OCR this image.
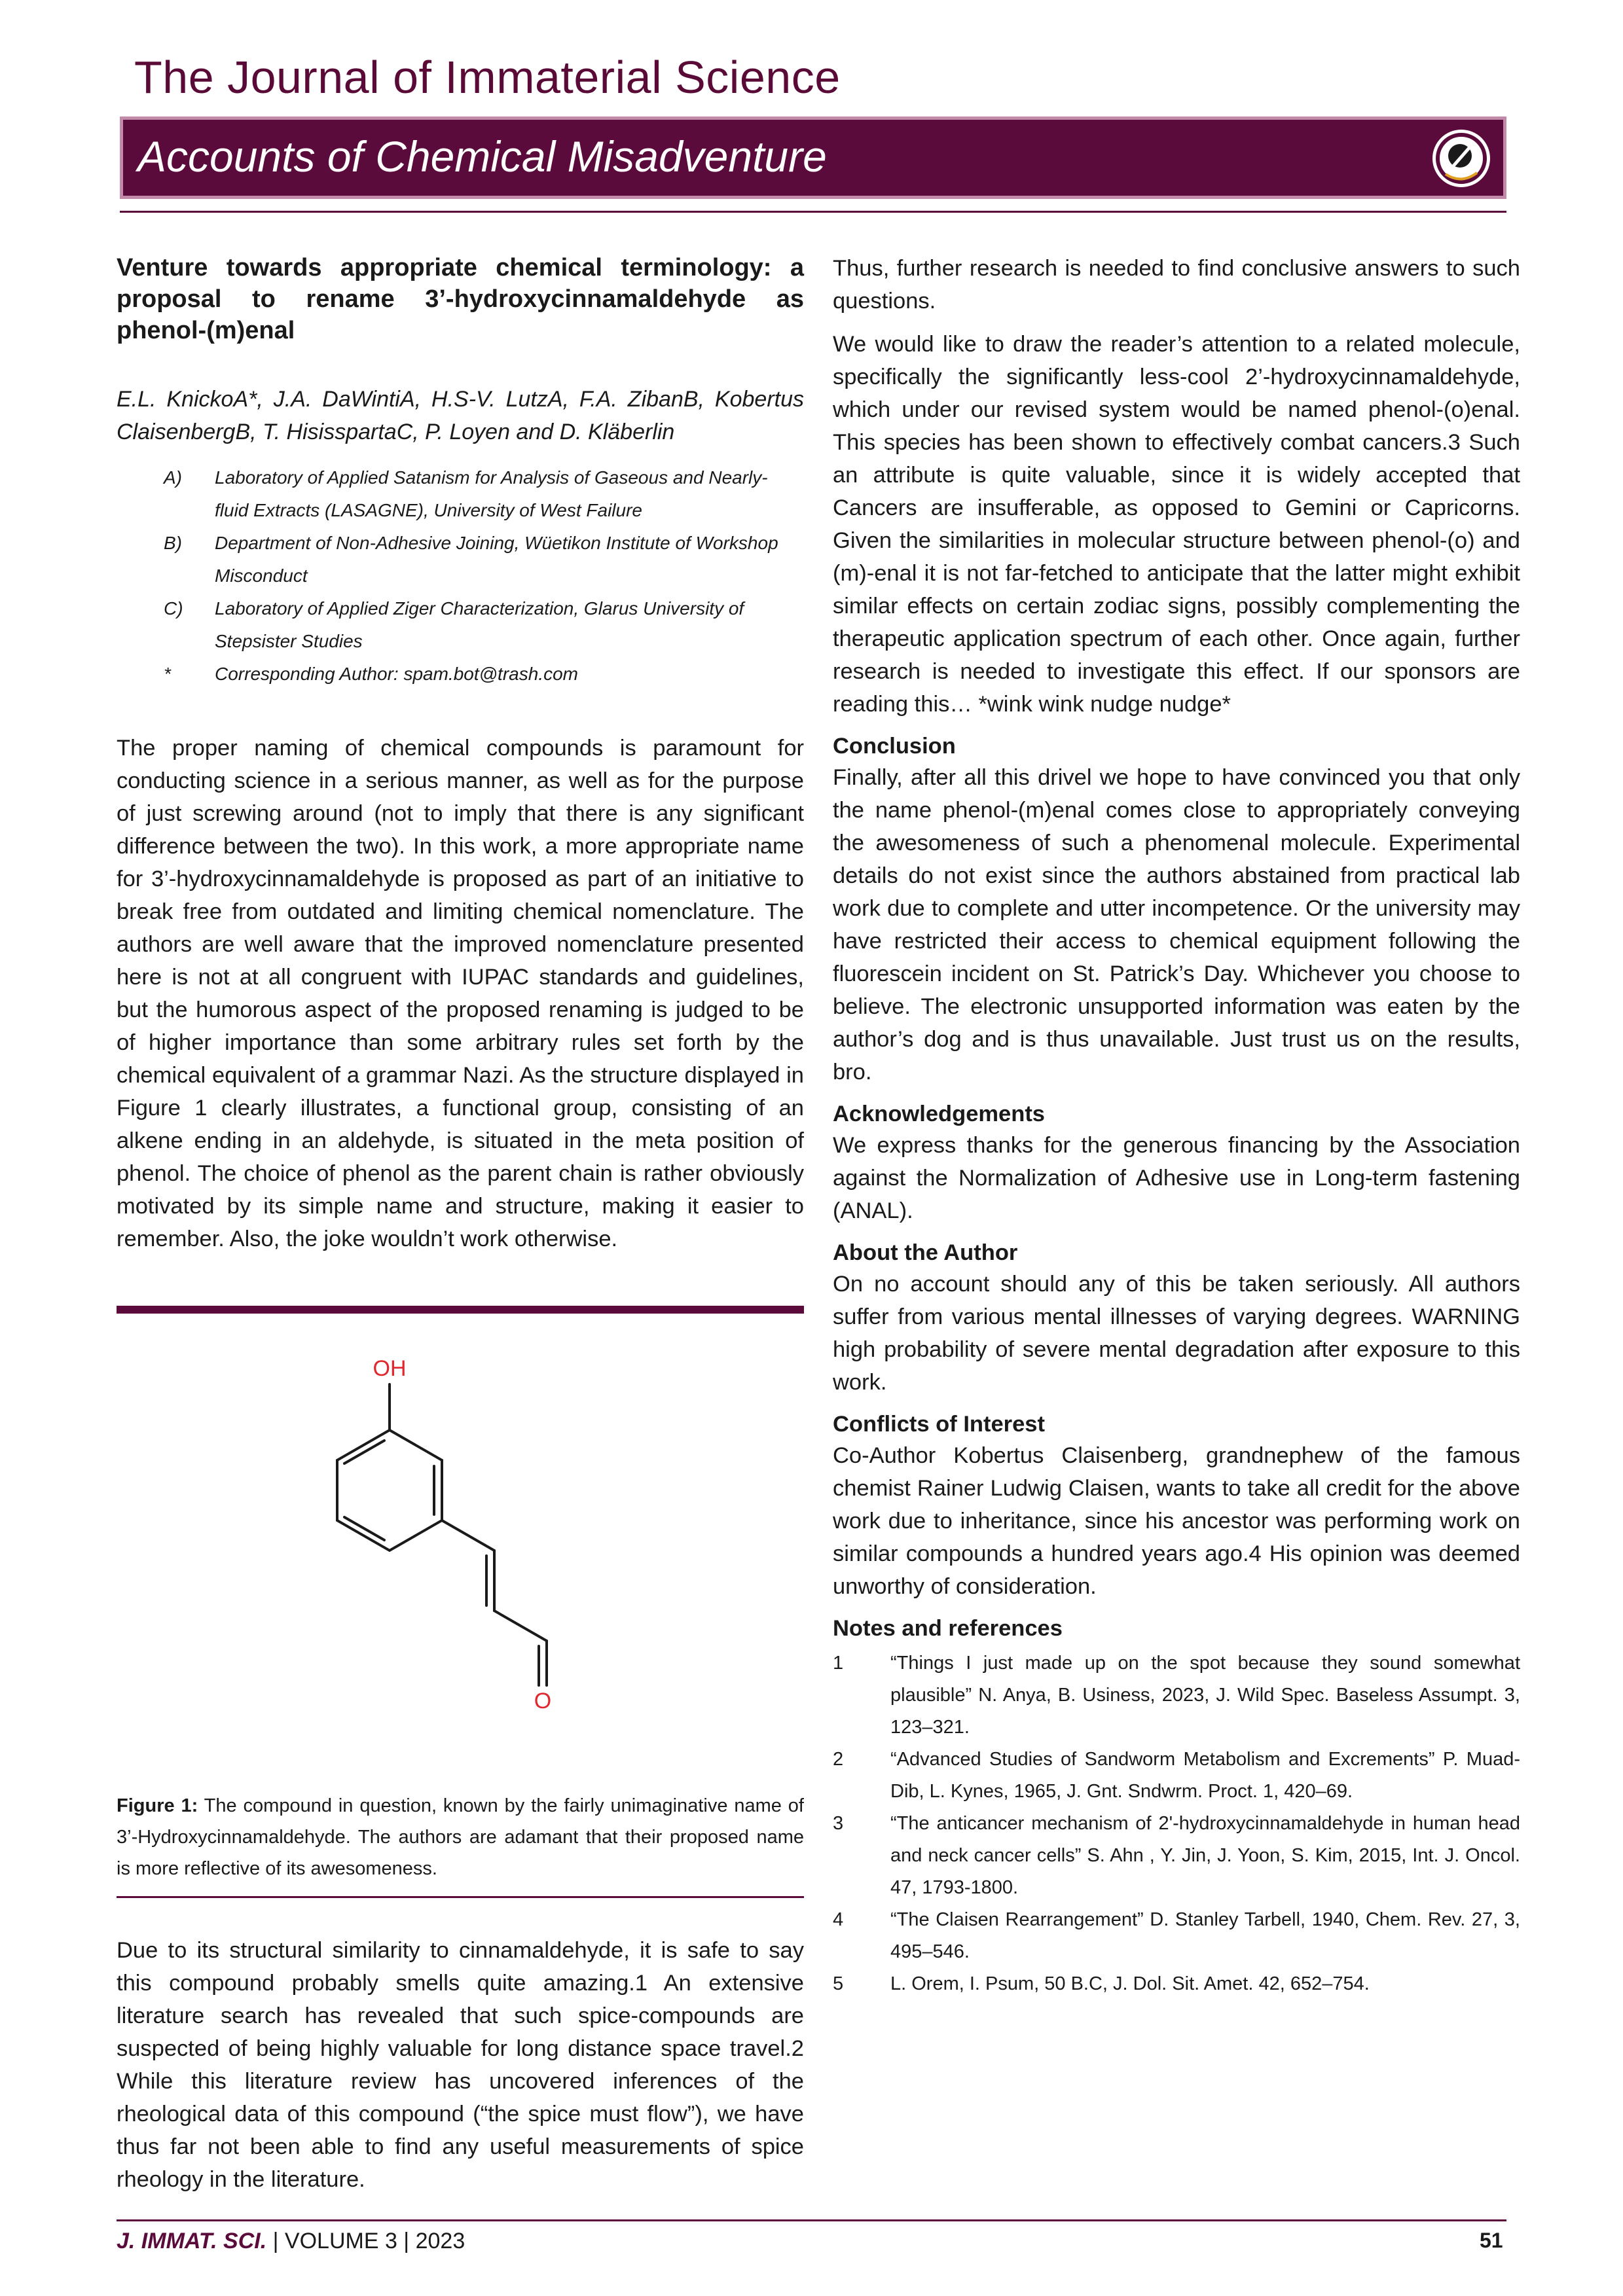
The Journal of Immaterial Science
Accounts of Chemical Misadventure

Venture towards appropriate chemical terminology: a proposal to rename 3’-hydroxycinnamaldehyde as phenol-(m)enal

E.L. KnickoA*, J.A. DaWintiA, H.S-V. LutzA, F.A. ZibanB, Kobertus ClaisenbergB, T. HisisspartaC, P. Loyen and D. Kläberlin

A) Laboratory of Applied Satanism for Analysis of Gaseous and Nearly-fluid Extracts (LASAGNE), University of West Failure
B) Department of Non-Adhesive Joining, Wüetikon Institute of Workshop Misconduct
C) Laboratory of Applied Ziger Characterization, Glarus University of Stepsister Studies
* Corresponding Author: spam.bot@trash.com

The proper naming of chemical compounds is paramount for conducting science in a serious manner, as well as for the purpose of just screwing around (not to imply that there is any significant difference between the two). In this work, a more appropriate name for 3’-hydroxycinnamaldehyde is proposed as part of an initiative to break free from outdated and limiting chemical nomenclature. The authors are well aware that the improved nomenclature presented here is not at all congruent with IUPAC standards and guidelines, but the humorous aspect of the proposed renaming is judged to be of higher importance than some arbitrary rules set forth by the chemical equivalent of a grammar Nazi. As the structure displayed in Figure 1 clearly illustrates, a functional group, consisting of an alkene ending in an aldehyde, is situated in the meta position of phenol. The choice of phenol as the parent chain is rather obviously motivated by its simple name and structure, making it easier to remember. Also, the joke wouldn’t work otherwise.

OH
O

Figure 1: The compound in question, known by the fairly unimaginative name of 3’-Hydroxycinnamaldehyde. The authors are adamant that their proposed name is more reflective of its awesomeness.

Due to its structural similarity to cinnamaldehyde, it is safe to say this compound probably smells quite amazing.1 An extensive literature search has revealed that such spice-compounds are suspected of being highly valuable for long distance space travel.2 While this literature review has uncovered inferences of the rheological data of this compound (“the spice must flow”), we have thus far not been able to find any useful measurements of spice rheology in the literature.

Thus, further research is needed to find conclusive answers to such questions.

We would like to draw the reader’s attention to a related molecule, specifically the significantly less-cool 2’-hydroxycinnamaldehyde, which under our revised system would be named phenol-(o)enal. This species has been shown to effectively combat cancers.3 Such an attribute is quite valuable, since it is widely accepted that Cancers are insufferable, as opposed to Gemini or Capricorns. Given the similarities in molecular structure between phenol-(o) and (m)-enal it is not far-fetched to anticipate that the latter might exhibit similar effects on certain zodiac signs, possibly complementing the therapeutic application spectrum of each other. Once again, further research is needed to investigate this effect. If our sponsors are reading this… *wink wink nudge nudge*

Conclusion

Finally, after all this drivel we hope to have convinced you that only the name phenol-(m)enal comes close to appropriately conveying the awesomeness of such a phenomenal molecule. Experimental details do not exist since the authors abstained from practical lab work due to complete and utter incompetence. Or the university may have restricted their access to chemical equipment following the fluorescein incident on St. Patrick’s Day. Whichever you choose to believe. The electronic unsupported information was eaten by the author’s dog and is thus unavailable. Just trust us on the results, bro.

Acknowledgements

We express thanks for the generous financing by the Association against the Normalization of Adhesive use in Long-term fastening (ANAL).

About the Author

On no account should any of this be taken seriously. All authors suffer from various mental illnesses of varying degrees. WARNING high probability of severe mental degradation after exposure to this work.

Conflicts of Interest

Co-Author Kobertus Claisenberg, grandnephew of the famous chemist Rainer Ludwig Claisen, wants to take all credit for the above work due to inheritance, since his ancestor was performing work on similar compounds a hundred years ago.4 His opinion was deemed unworthy of consideration.

Notes and references

1 “Things I just made up on the spot because they sound somewhat plausible” N. Anya, B. Usiness, 2023, J. Wild Spec. Baseless Assumpt. 3, 123–321.

2 “Advanced Studies of Sandworm Metabolism and Excrements” P. Muad-Dib, L. Kynes, 1965, J. Gnt. Sndwrm. Proct. 1, 420–69.

3 “The anticancer mechanism of 2'-hydroxycinnamaldehyde in human head and neck cancer cells” S. Ahn , Y. Jin, J. Yoon, S. Kim, 2015, Int. J. Oncol. 47, 1793-1800.

4 “The Claisen Rearrangement” D. Stanley Tarbell, 1940, Chem. Rev. 27, 3, 495–546.

5 L. Orem, I. Psum, 50 B.C, J. Dol. Sit. Amet. 42, 652–754.

J. IMMAT. SCI. | VOLUME 3 | 2023	51
